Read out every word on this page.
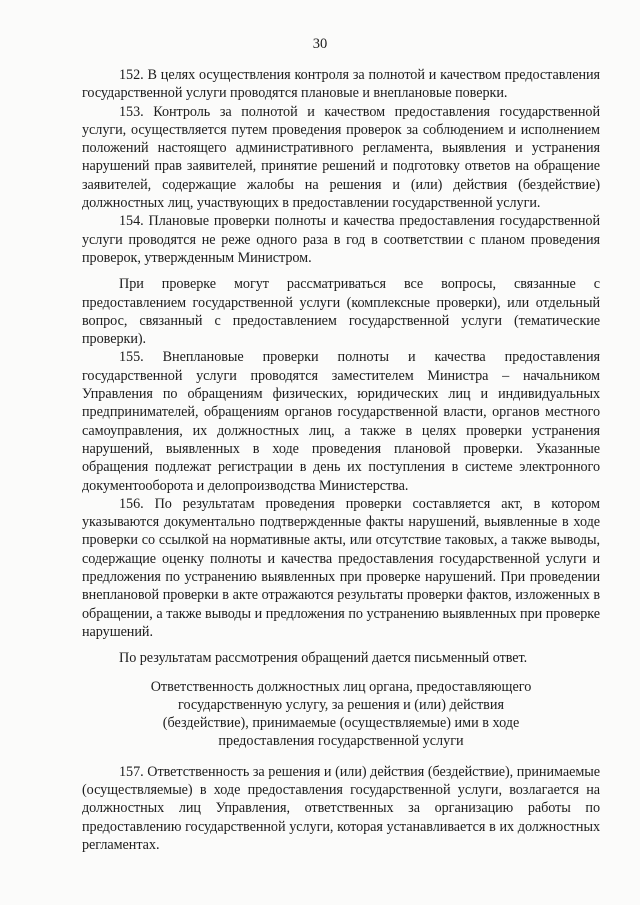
30

152. В целях осуществления контроля за полнотой и качеством предоставления государственной услуги проводятся плановые и внеплановые поверки.

153. Контроль за полнотой и качеством предоставления государственной услуги, осуществляется путем проведения проверок за соблюдением и исполнением положений настоящего административного регламента, выявления и устранения нарушений прав заявителей, принятие решений и подготовку ответов на обращение заявителей, содержащие жалобы на решения и (или) действия (бездействие) должностных лиц, участвующих в предоставлении государственной услуги.

154. Плановые проверки полноты и качества предоставления государственной услуги проводятся не реже одного раза в год в соответствии с планом проведения проверок, утвержденным Министром.

При проверке могут рассматриваться все вопросы, связанные с предоставлением государственной услуги (комплексные проверки), или отдельный вопрос, связанный с предоставлением государственной услуги (тематические проверки).

155. Внеплановые проверки полноты и качества предоставления государственной услуги проводятся заместителем Министра – начальником Управления по обращениям физических, юридических лиц и индивидуальных предпринимателей, обращениям органов государственной власти, органов местного самоуправления, их должностных лиц, а также в целях проверки устранения нарушений, выявленных в ходе проведения плановой проверки. Указанные обращения подлежат регистрации в день их поступления в системе электронного документооборота и делопроизводства Министерства.

156. По результатам проведения проверки составляется акт, в котором указываются документально подтвержденные факты нарушений, выявленные в ходе проверки со ссылкой на нормативные акты, или отсутствие таковых, а также выводы, содержащие оценку полноты и качества предоставления государственной услуги и предложения по устранению выявленных при проверке нарушений. При проведении внеплановой проверки в акте отражаются результаты проверки фактов, изложенных в обращении, а также выводы и предложения по устранению выявленных при проверке нарушений.

По результатам рассмотрения обращений дается письменный ответ.

Ответственность должностных лиц органа, предоставляющего
государственную услугу, за решения и (или) действия
(бездействие), принимаемые (осуществляемые) ими в ходе
предоставления государственной услуги

157. Ответственность за решения и (или) действия (бездействие), принимаемые (осуществляемые) в ходе предоставления государственной услуги, возлагается на должностных лиц Управления, ответственных за организацию работы по предоставлению государственной услуги, которая устанавливается в их должностных регламентах.
